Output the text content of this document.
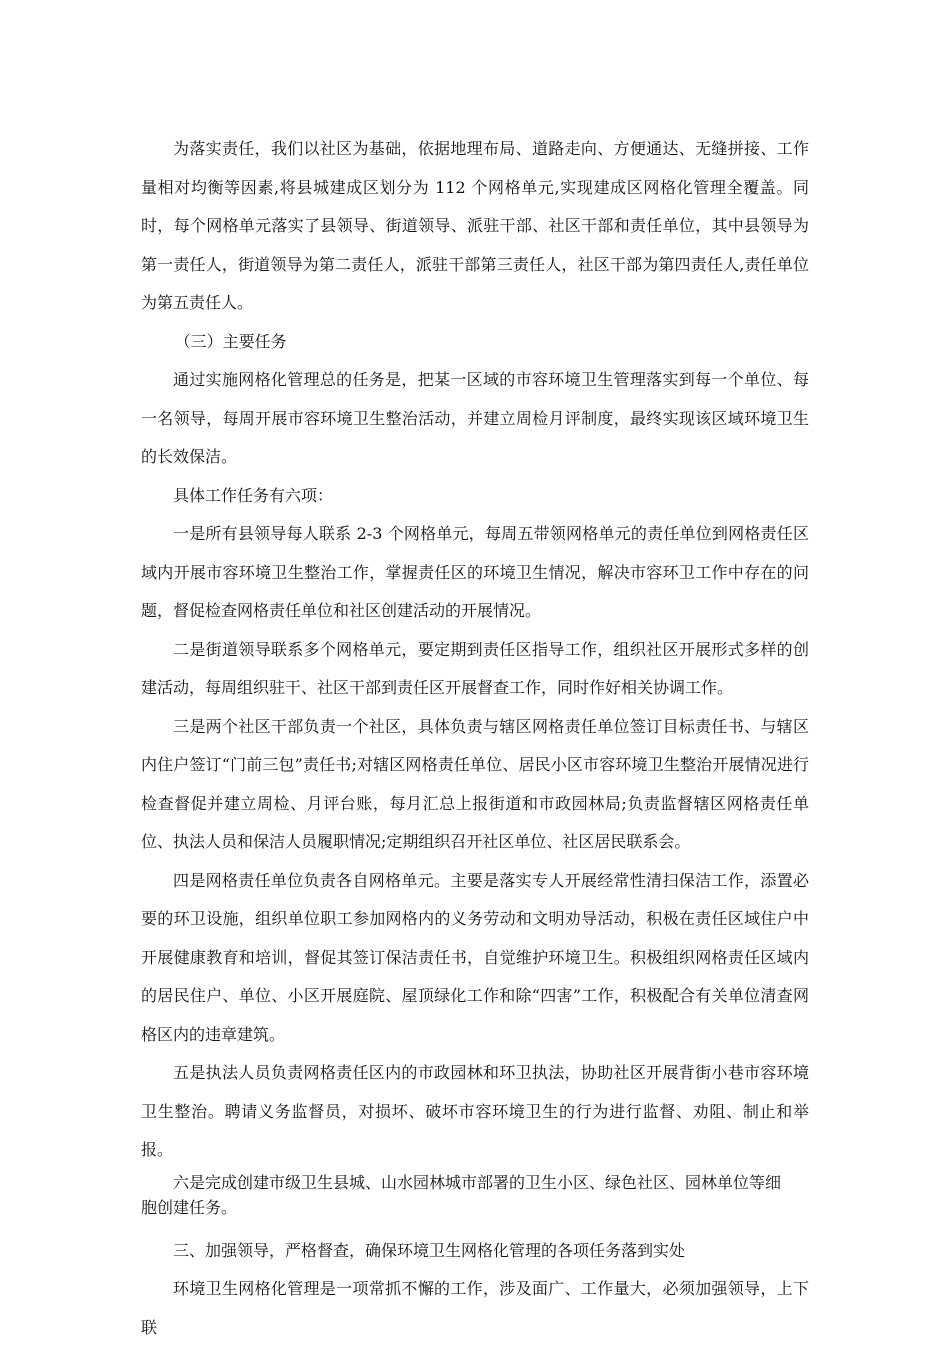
为落实责任，我们以社区为基础，依据地理布局、道路走向、方便通达、无缝拼接、工作量相对均衡等因素,将县城建成区划分为 112 个网格单元,实现建成区网格化管理全覆盖。同时，每个网格单元落实了县领导、街道领导、派驻干部、社区干部和责任单位，其中县领导为第一责任人，街道领导为第二责任人，派驻干部第三责任人，社区干部为第四责任人,责任单位为第五责任人。

（三）主要任务

通过实施网格化管理总的任务是，把某一区域的市容环境卫生管理落实到每一个单位、每一名领导，每周开展市容环境卫生整治活动，并建立周检月评制度，最终实现该区域环境卫生的长效保洁。

具体工作任务有六项：

一是所有县领导每人联系 2-3 个网格单元，每周五带领网格单元的责任单位到网格责任区域内开展市容环境卫生整治工作，掌握责任区的环境卫生情况，解决市容环卫工作中存在的问题，督促检查网格责任单位和社区创建活动的开展情况。

二是街道领导联系多个网格单元，要定期到责任区指导工作，组织社区开展形式多样的创建活动，每周组织驻干、社区干部到责任区开展督查工作，同时作好相关协调工作。

三是两个社区干部负责一个社区，具体负责与辖区网格责任单位签订目标责任书、与辖区内住户签订“门前三包”责任书;对辖区网格责任单位、居民小区市容环境卫生整治开展情况进行检查督促并建立周检、月评台账，每月汇总上报街道和市政园林局;负责监督辖区网格责任单位、执法人员和保洁人员履职情况;定期组织召开社区单位、社区居民联系会。

四是网格责任单位负责各自网格单元。主要是落实专人开展经常性清扫保洁工作，添置必要的环卫设施，组织单位职工参加网格内的义务劳动和文明劝导活动，积极在责任区域住户中开展健康教育和培训，督促其签订保洁责任书，自觉维护环境卫生。积极组织网格责任区域内的居民住户、单位、小区开展庭院、屋顶绿化工作和除“四害”工作，积极配合有关单位清查网格区内的违章建筑。

五是执法人员负责网格责任区内的市政园林和环卫执法，协助社区开展背街小巷市容环境卫生整治。聘请义务监督员，对损坏、破坏市容环境卫生的行为进行监督、劝阻、制止和举报。

六是完成创建市级卫生县城、山水园林城市部署的卫生小区、绿色社区、园林单位等细胞创建任务。

三、加强领导，严格督查，确保环境卫生网格化管理的各项任务落到实处

环境卫生网格化管理是一项常抓不懈的工作，涉及面广、工作量大，必须加强领导，上下联
